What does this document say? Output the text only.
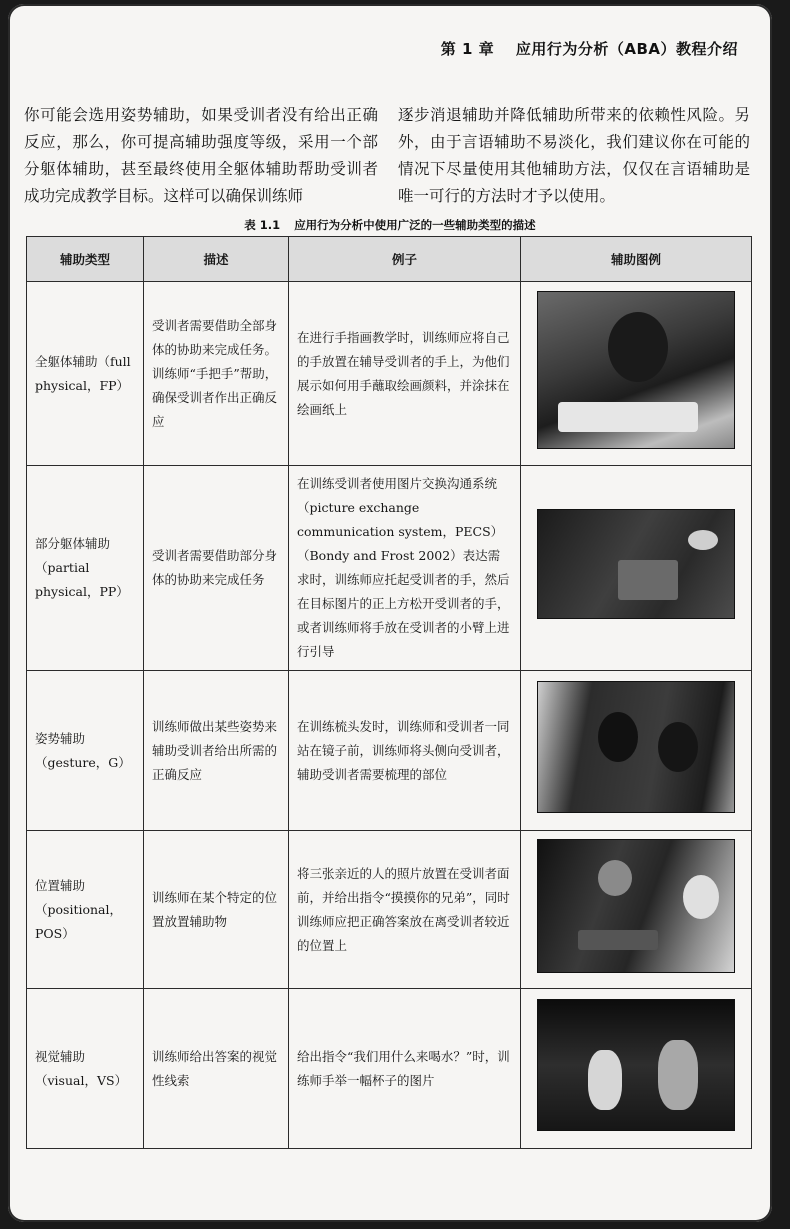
第 1 章 应用行为分析（ABA）教程介绍

你可能会选用姿势辅助，如果受训者没有给出正确反应，那么，你可提高辅助强度等级，采用一个部分躯体辅助，甚至最终使用全躯体辅助帮助受训者成功完成教学目标。这样可以确保训练师

逐步消退辅助并降低辅助所带来的依赖性风险。另外，由于言语辅助不易淡化，我们建议你在可能的情况下尽量使用其他辅助方法，仅仅在言语辅助是唯一可行的方法时才予以使用。

表 1.1 应用行为分析中使用广泛的一些辅助类型的描述
辅助类型	描述	例子	辅助图例
全躯体辅助（full physical，FP）	受训者需要借助全部身体的协助来完成任务。训练师“手把手”帮助，确保受训者作出正确反应	在进行手指画教学时，训练师应将自己的手放置在辅导受训者的手上，为他们展示如何用手蘸取绘画颜料，并涂抹在绘画纸上	

部分躯体辅助（partial physical，PP）	受训者需要借助部分身体的协助来完成任务	在训练受训者使用图片交换沟通系统（picture exchange communication system，PECS）（Bondy and Frost 2002）表达需求时，训练师应托起受训者的手，然后在目标图片的正上方松开受训者的手，或者训练师将手放在受训者的小臂上进行引导	

姿势辅助（gesture，G）	训练师做出某些姿势来辅助受训者给出所需的正确反应	在训练梳头发时，训练师和受训者一同站在镜子前，训练师将头侧向受训者，辅助受训者需要梳理的部位	

位置辅助（positional，POS）	训练师在某个特定的位置放置辅助物	将三张亲近的人的照片放置在受训者面前，并给出指令“摸摸你的兄弟”，同时训练师应把正确答案放在离受训者较近的位置上	

视觉辅助（visual，VS）	训练师给出答案的视觉性线索	给出指令“我们用什么来喝水？”时，训练师手举一幅杯子的图片	
